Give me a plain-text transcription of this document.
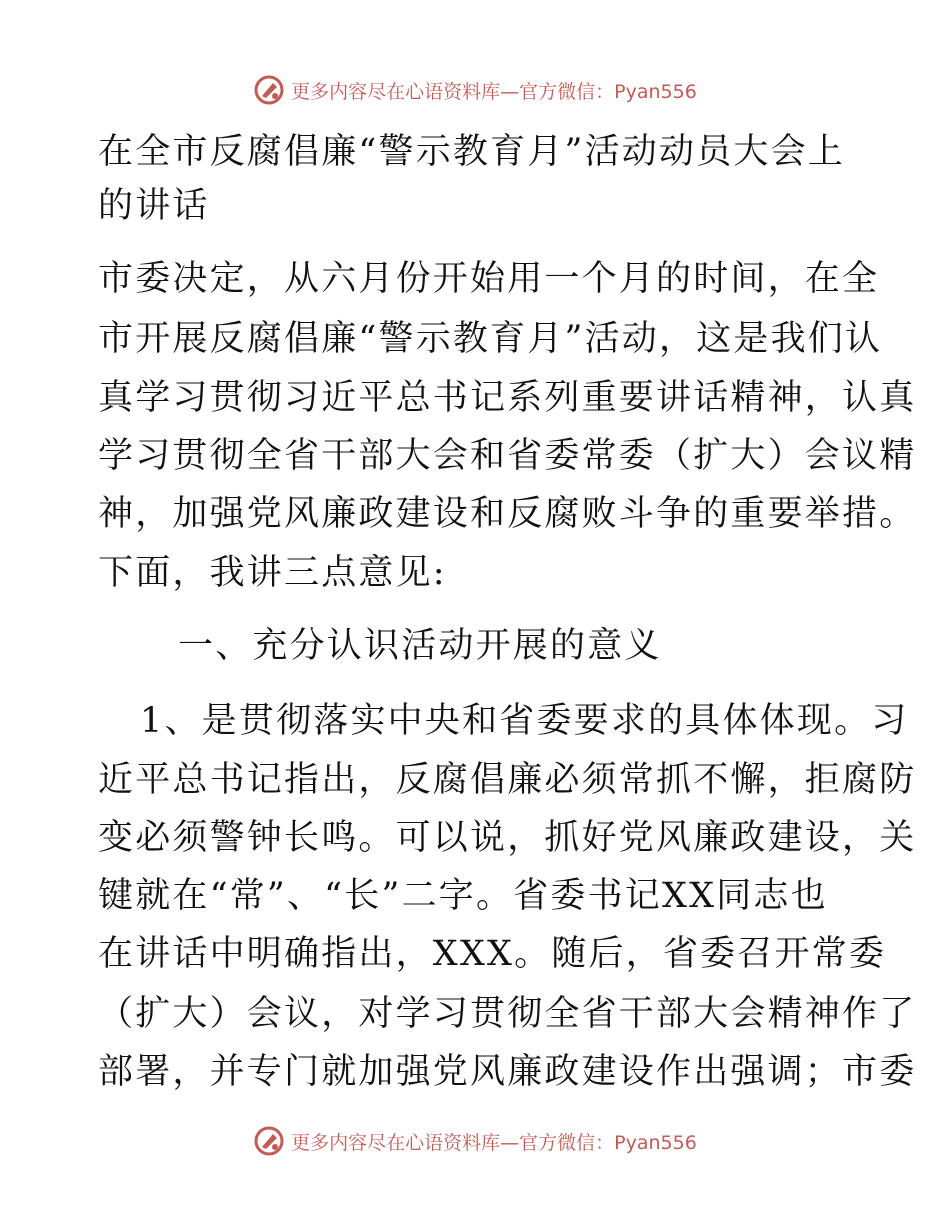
更多内容尽在心语资料库—官方微信：Pyan556
在全市反腐倡廉“警示教育月”活动动员大会上
的讲话
市委决定，从六月份开始用一个月的时间，在全
市开展反腐倡廉“警示教育月”活动，这是我们认
真学习贯彻习近平总书记系列重要讲话精神，认真
学习贯彻全省干部大会和省委常委（扩大）会议精
神，加强党风廉政建设和反腐败斗争的重要举措。
下面，我讲三点意见:
一、充分认识活动开展的意义
1、是贯彻落实中央和省委要求的具体体现。习
近平总书记指出，反腐倡廉必须常抓不懈，拒腐防
变必须警钟长鸣。可以说，抓好党风廉政建设，关
键就在“常”、“长”二字。省委书记XX同志也
在讲话中明确指出，XXX。随后，省委召开常委
（扩大）会议，对学习贯彻全省干部大会精神作了
部署，并专门就加强党风廉政建设作出强调；市委
更多内容尽在心语资料库—官方微信：Pyan556
